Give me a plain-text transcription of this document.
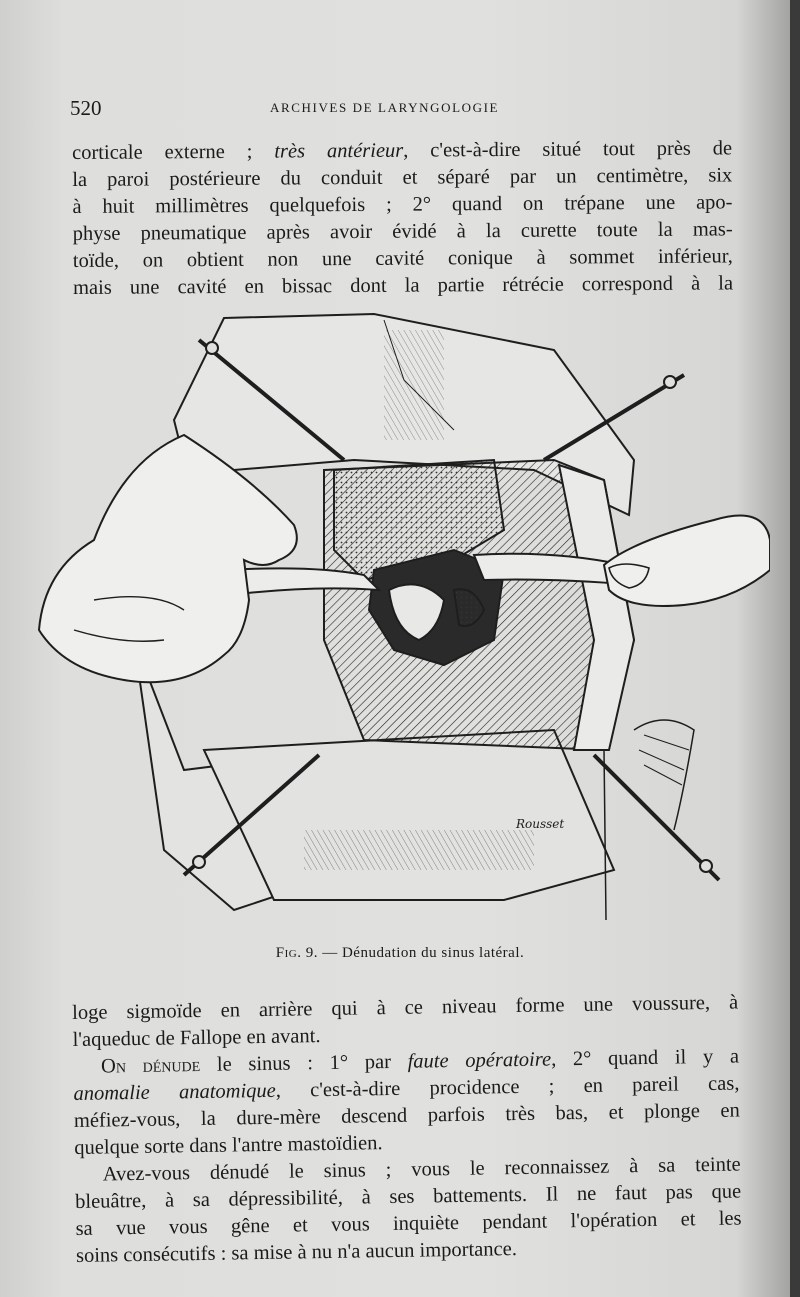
520	ARCHIVES DE LARYNGOLOGIE

corticale externe ; très antérieur, c'est-à-dire situé tout près de

la paroi postérieure du conduit et séparé par un centimètre, six

à huit millimètres quelquefois ; 2° quand on trépane une apo-

physe pneumatique après avoir évidé à la curette toute la mas-

toïde, on obtient non une cavité conique à sommet inférieur,

mais une cavité en bissac dont la partie rétrécie correspond à la

Rousset
Fig. 9. — Dénudation du sinus latéral.

loge sigmoïde en arrière qui à ce niveau forme une voussure, à

l'aqueduc de Fallope en avant.

On dénude le sinus : 1° par faute opératoire, 2° quand il y a

anomalie anatomique, c'est-à-dire procidence ; en pareil cas,

méfiez-vous, la dure-mère descend parfois très bas, et plonge en

quelque sorte dans l'antre mastoïdien.

Avez-vous dénudé le sinus ; vous le reconnaissez à sa teinte

bleuâtre, à sa dépressibilité, à ses battements. Il ne faut pas que

sa vue vous gêne et vous inquiète pendant l'opération et les

soins consécutifs : sa mise à nu n'a aucun importance.
